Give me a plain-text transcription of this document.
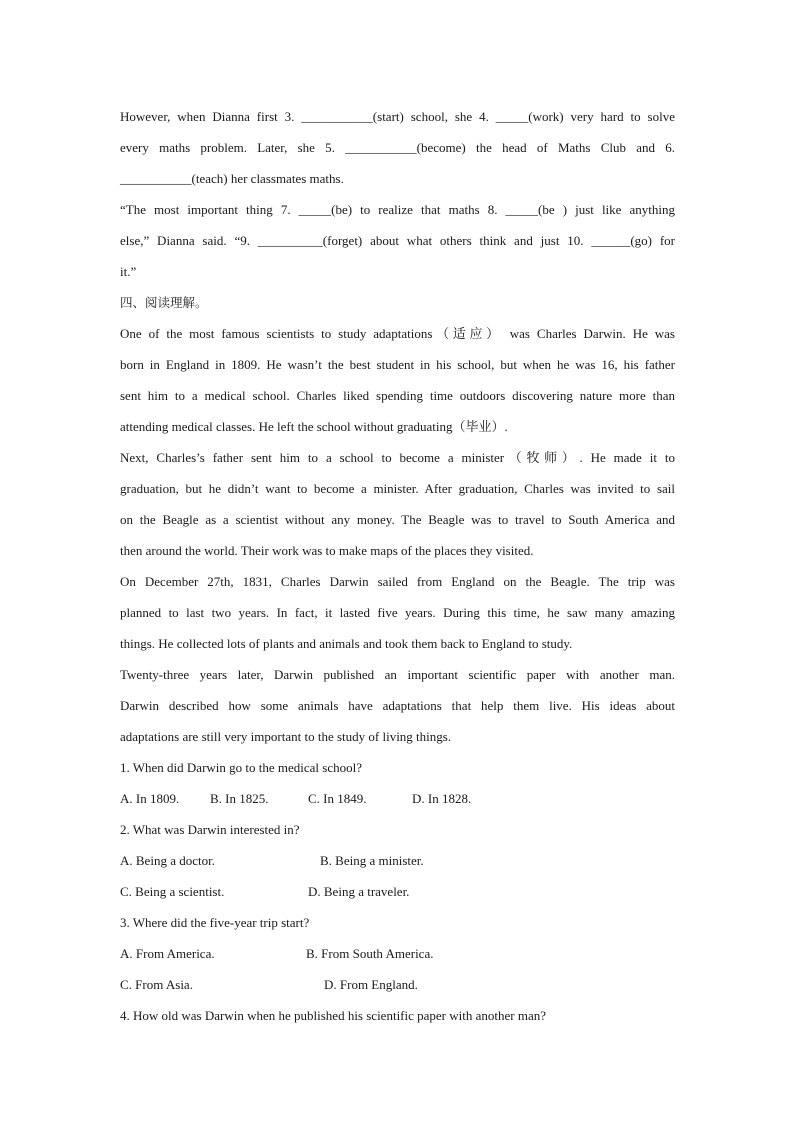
However, when Dianna first 3. ___________(start) school, she 4. _____(work) very hard to solve
every maths problem. Later, she 5. ___________(become) the head of Maths Club and 6.
___________(teach) her classmates maths.
“The most important thing 7. _____(be) to realize that maths 8. _____(be ) just like anything
else,” Dianna said. “9. __________(forget) about what others think and just 10. ______(go) for
it.”
四、阅读理解。
One of the most famous scientists to study adaptations（适应） was Charles Darwin. He was
born in England in 1809. He wasn’t the best student in his school, but when he was 16, his father
sent him to a medical school. Charles liked spending time outdoors discovering nature more than
attending medical classes. He left the school without graduating（毕业）.
Next, Charles’s father sent him to a school to become a minister（牧师）. He made it to
graduation, but he didn’t want to become a minister. After graduation, Charles was invited to sail
on the Beagle as a scientist without any money. The Beagle was to travel to South America and
then around the world. Their work was to make maps of the places they visited.
On December 27th, 1831, Charles Darwin sailed from England on the Beagle. The trip was
planned to last two years. In fact, it lasted five years. During this time, he saw many amazing
things. He collected lots of plants and animals and took them back to England to study.
Twenty-three years later, Darwin published an important scientific paper with another man.
Darwin described how some animals have adaptations that help them live. His ideas about
adaptations are still very important to the study of living things.
1. When did Darwin go to the medical school?
A. In 1809. B. In 1825.	C. In 1849.	D. In 1828.
2. What was Darwin interested in?
A. Being a doctor.	B. Being a minister.
C. Being a scientist.	D. Being a traveler.
3. Where did the five-year trip start?
A. From America.	B. From South America.
C. From Asia.	D. From England.
4. How old was Darwin when he published his scientific paper with another man?
